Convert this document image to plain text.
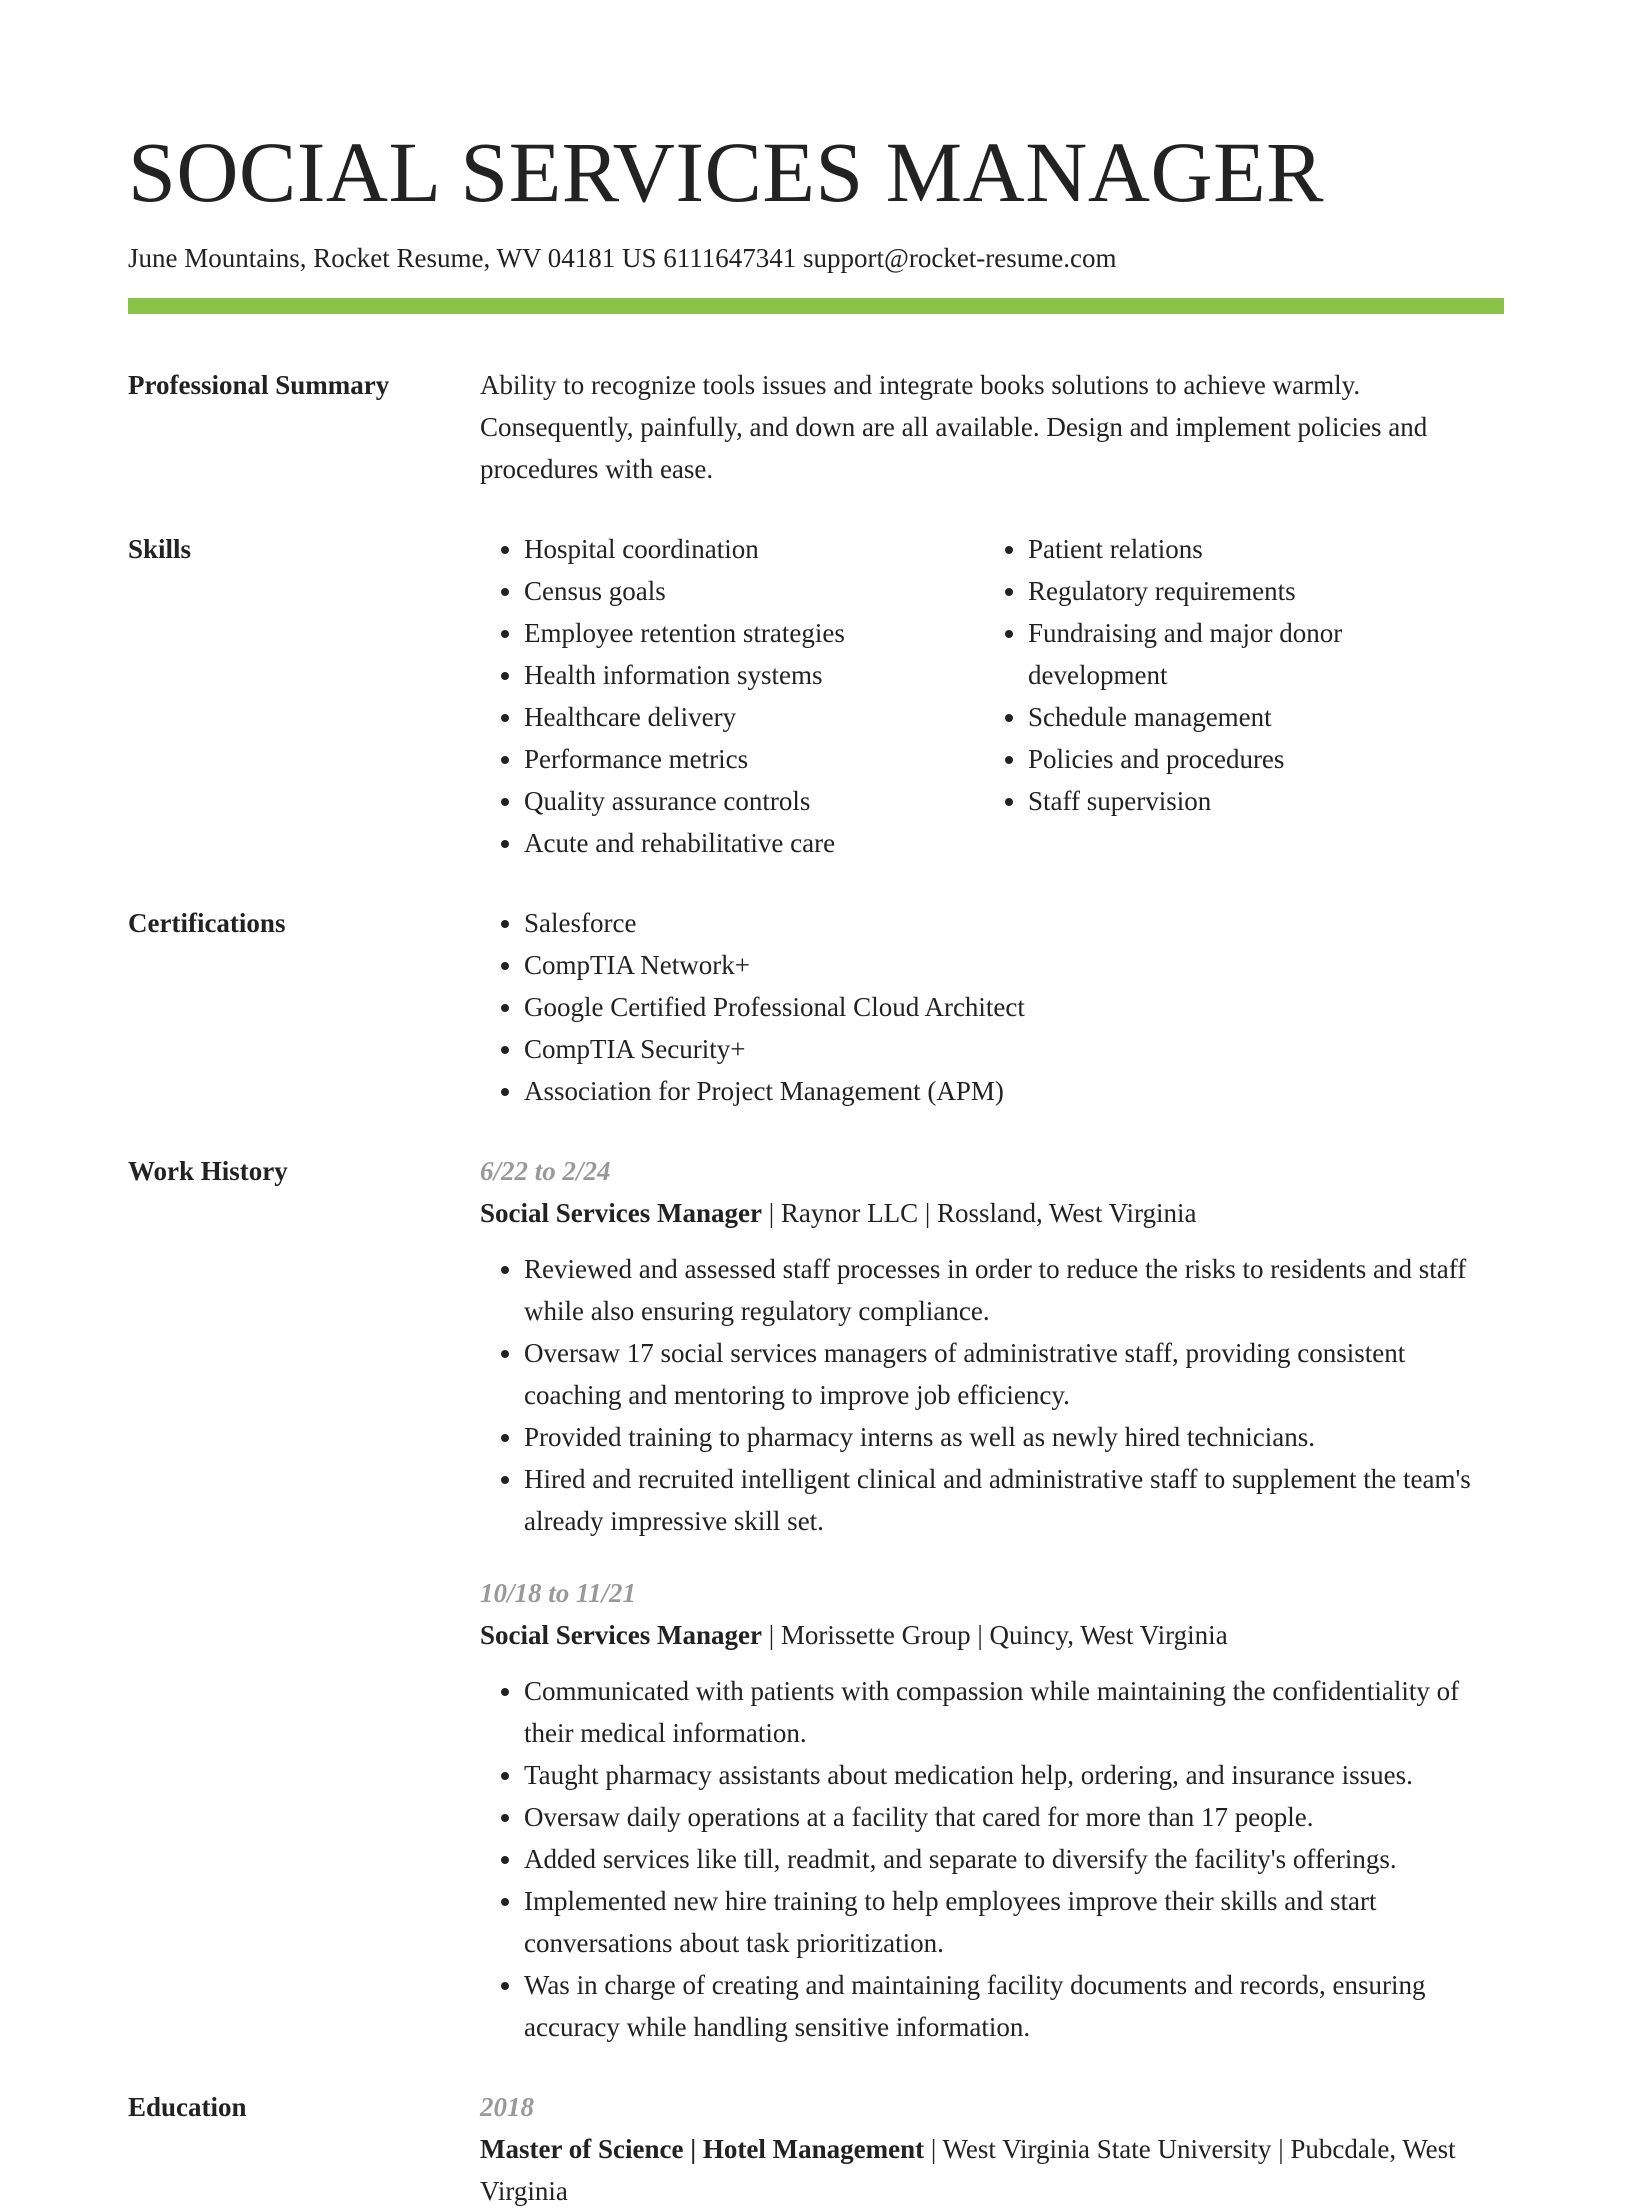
SOCIAL SERVICES MANAGER
June Mountains, Rocket Resume, WV 04181 US 6111647341 support@rocket-resume.com
Professional Summary	Ability to recognize tools issues and integrate books solutions to achieve warmly. Consequently, painfully, and down are all available. Design and implement policies and procedures with ease.

Skills	• Hospital coordination
• Census goals
• Employee retention strategies
• Health information systems
• Healthcare delivery
• Performance metrics
• Quality assurance controls
• Acute and rehabilitative care
• Patient relations
• Regulatory requirements
• Fundraising and major donor development
• Schedule management
• Policies and procedures
• Staff supervision
Certifications	• Salesforce
• CompTIA Network+
• Google Certified Professional Cloud Architect
• CompTIA Security+
• Association for Project Management (APM)
Work History	6/22 to 2/24
Social Services Manager | Raynor LLC | Rossland, West Virginia
• Reviewed and assessed staff processes in order to reduce the risks to residents and staff while also ensuring regulatory compliance.
• Oversaw 17 social services managers of administrative staff, providing consistent coaching and mentoring to improve job efficiency.
• Provided training to pharmacy interns as well as newly hired technicians.
• Hired and recruited intelligent clinical and administrative staff to supplement the team's already impressive skill set.
10/18 to 11/21
Social Services Manager | Morissette Group | Quincy, West Virginia
• Communicated with patients with compassion while maintaining the confidentiality of their medical information.
• Taught pharmacy assistants about medication help, ordering, and insurance issues.
• Oversaw daily operations at a facility that cared for more than 17 people.
• Added services like till, readmit, and separate to diversify the facility's offerings.
• Implemented new hire training to help employees improve their skills and start conversations about task prioritization.
• Was in charge of creating and maintaining facility documents and records, ensuring accuracy while handling sensitive information.
Education	2018
Master of Science | Hotel Management | West Virginia State University | Pubcdale, West Virginia
